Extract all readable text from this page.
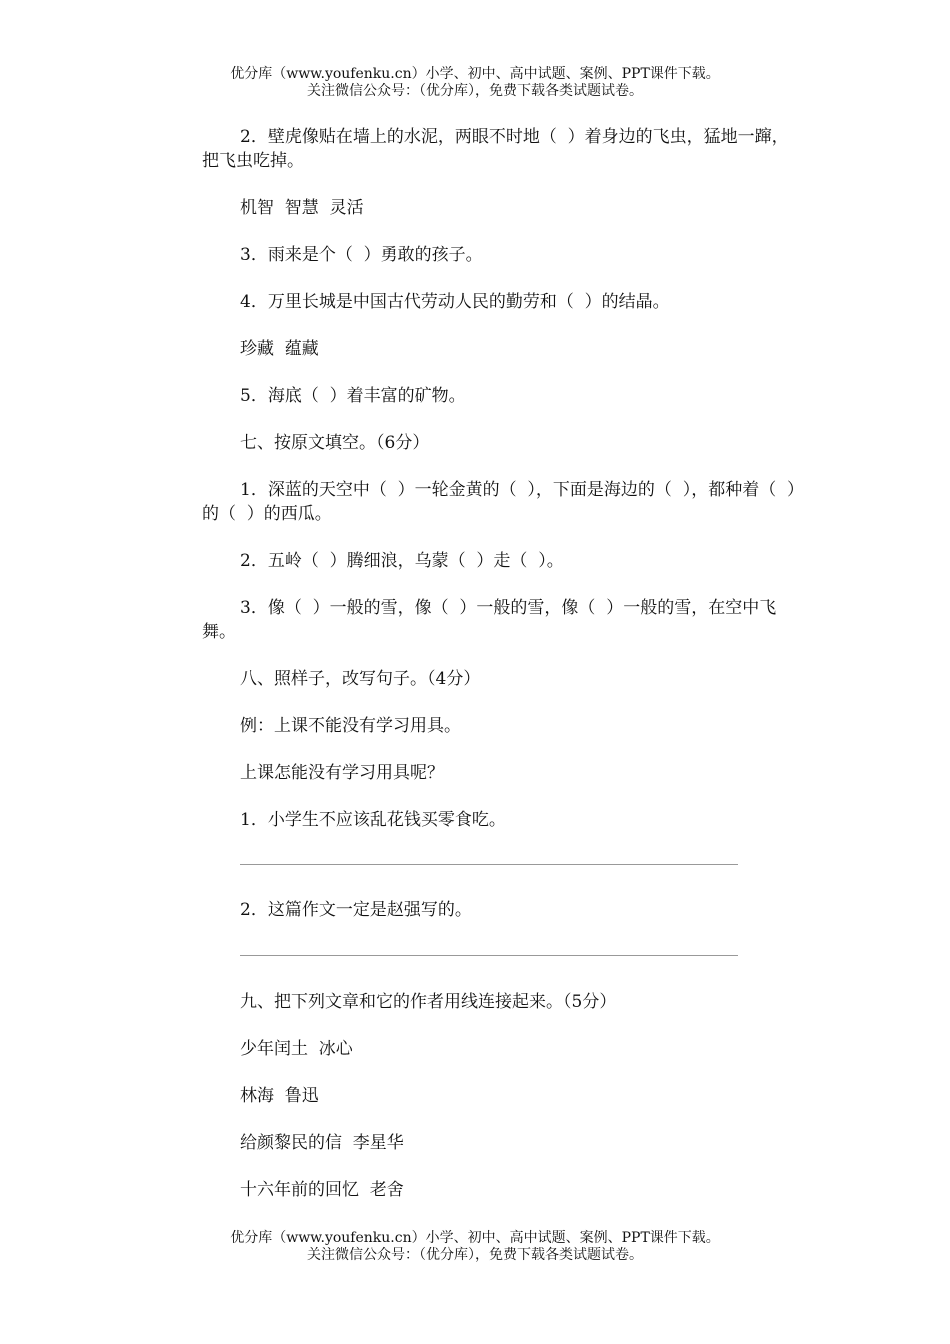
优分库（www.youfenku.cn）小学、初中、高中试题、案例、PPT课件下载。
关注微信公众号：（优分库），免费下载各类试题试卷。

2．壁虎像贴在墙上的水泥，两眼不时地（  ）着身边的飞虫，猛地一蹿，把飞虫吃掉。

机智  智慧  灵活

3．雨来是个（  ）勇敢的孩子。

4．万里长城是中国古代劳动人民的勤劳和（  ）的结晶。

珍藏  蕴藏

5．海底（  ）着丰富的矿物。

七、按原文填空。（6分）

1．深蓝的天空中（  ）一轮金黄的（  ），下面是海边的（  ），都种着（  ）的（  ）的西瓜。

2．五岭（  ）腾细浪，乌蒙（  ）走（  ）。

3．像（  ）一般的雪，像（  ）一般的雪，像（  ）一般的雪，在空中飞舞。

八、照样子，改写句子。（4分）

例：上课不能没有学习用具。

上课怎能没有学习用具呢？

1．小学生不应该乱花钱买零食吃。

2．这篇作文一定是赵强写的。

九、把下列文章和它的作者用线连接起来。（5分）

少年闰土  冰心

林海  鲁迅

给颜黎民的信  李星华

十六年前的回忆  老舍

优分库（www.youfenku.cn）小学、初中、高中试题、案例、PPT课件下载。
关注微信公众号：（优分库），免费下载各类试题试卷。
